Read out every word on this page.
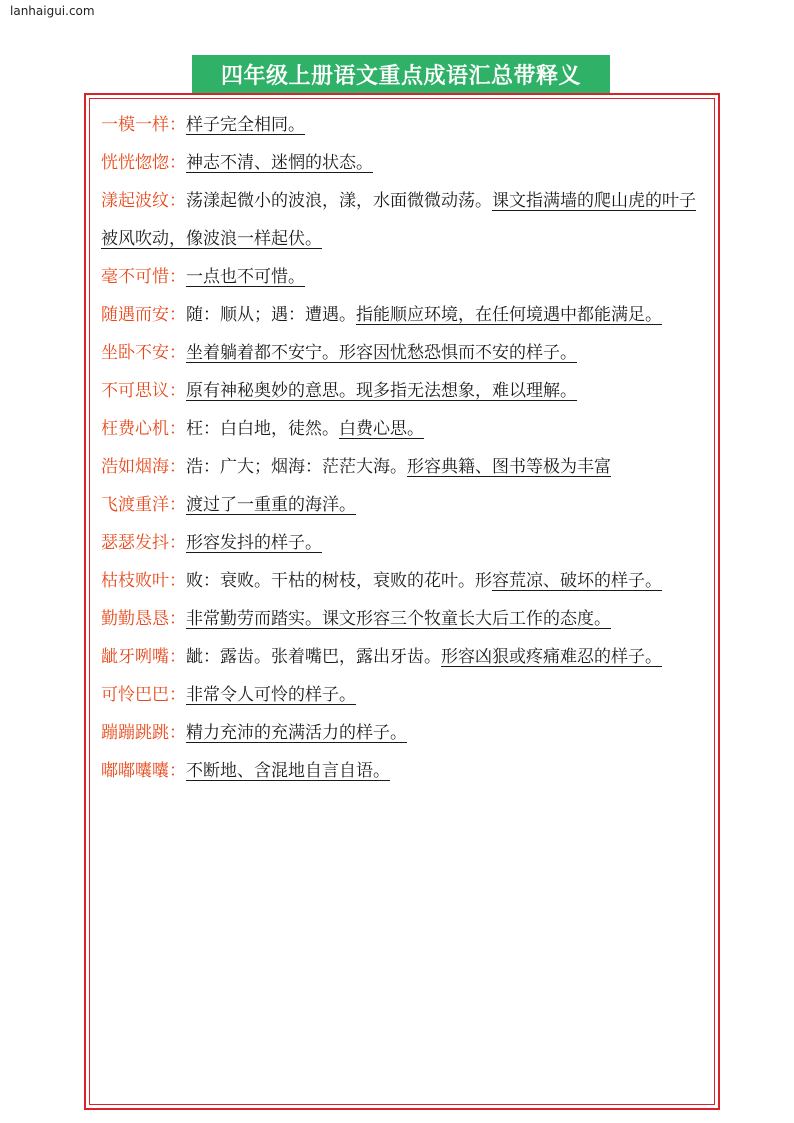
lanhaigui.com
四年级上册语文重点成语汇总带释义
一模一样：样子完全相同。
恍恍惚惚：神志不清、迷惘的状态。
漾起波纹：荡漾起微小的波浪，漾，水面微微动荡。课文指满墙的爬山虎的叶子被风吹动，像波浪一样起伏。
毫不可惜：一点也不可惜。
随遇而安：随：顺从；遇：遭遇。指能顺应环境，在任何境遇中都能满足。
坐卧不安：坐着躺着都不安宁。形容因忧愁恐惧而不安的样子。
不可思议：原有神秘奥妙的意思。现多指无法想象，难以理解。
枉费心机：枉：白白地，徒然。白费心思。
浩如烟海：浩：广大；烟海：茫茫大海。形容典籍、图书等极为丰富
飞渡重洋：渡过了一重重的海洋。
瑟瑟发抖：形容发抖的样子。
枯枝败叶：败：衰败。干枯的树枝，衰败的花叶。形容荒凉、破坏的样子。
勤勤恳恳：非常勤劳而踏实。课文形容三个牧童长大后工作的态度。
龇牙咧嘴：龇：露齿。张着嘴巴，露出牙齿。形容凶狠或疼痛难忍的样子。
可怜巴巴：非常令人可怜的样子。
蹦蹦跳跳：精力充沛的充满活力的样子。
嘟嘟囔囔：不断地、含混地自言自语。
